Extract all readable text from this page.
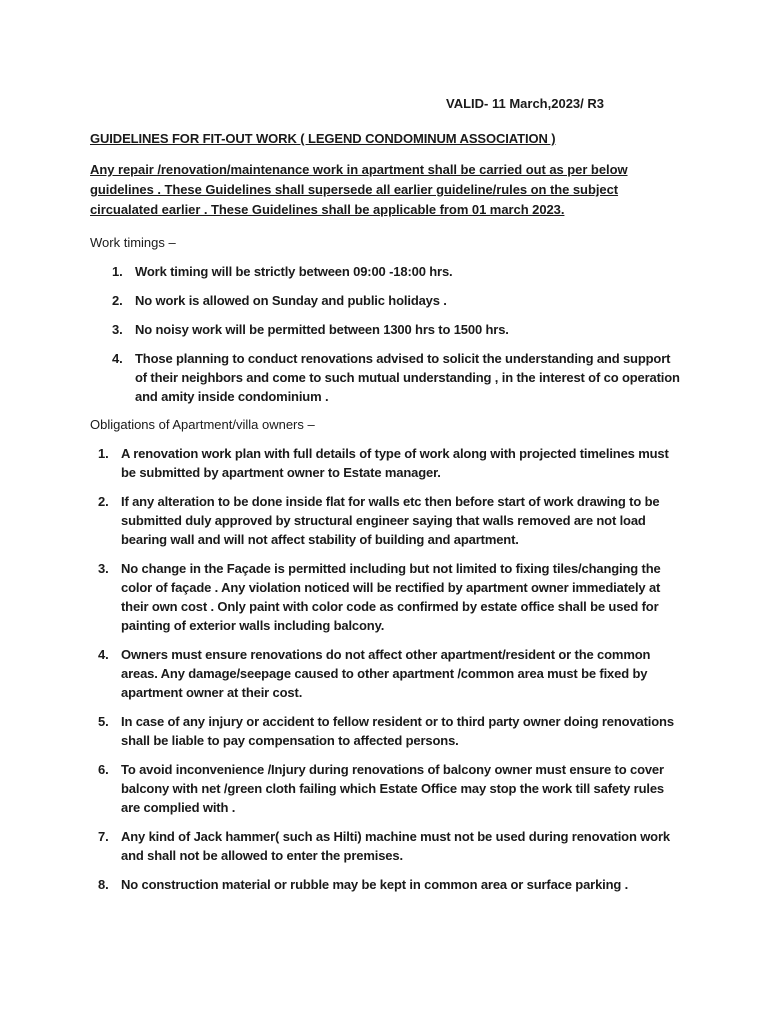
VALID- 11 March,2023/ R3

GUIDELINES FOR FIT-OUT WORK ( LEGEND CONDOMINUM ASSOCIATION )

Any repair /renovation/maintenance work in apartment shall be carried out as per below guidelines . These Guidelines shall supersede all earlier guideline/rules on the subject circualated earlier . These Guidelines shall be applicable from 01 march 2023.

Work timings –

1. Work timing will be strictly between 09:00 -18:00 hrs.
2. No work is allowed on Sunday and public holidays .
3. No noisy work will be permitted between 1300 hrs to 1500 hrs.
4. Those planning to conduct renovations advised to solicit the understanding and support of their neighbors and come to such mutual understanding , in the interest of co operation and amity inside condominium .

Obligations of Apartment/villa owners –

1. A renovation work plan with full details of type of work along with projected timelines must be submitted by apartment owner to Estate manager.
2. If any alteration to be done inside flat for walls etc then before start of work drawing to be submitted duly approved by structural engineer saying that walls removed are not load bearing wall and will not affect stability of building and apartment.
3. No change in the Façade is permitted including but not limited to fixing tiles/changing the color of façade . Any violation noticed will be rectified by apartment owner immediately at their own cost . Only paint with color code as confirmed by estate office shall be used for painting of exterior walls including balcony.
4. Owners must ensure renovations do not affect other apartment/resident or the common areas. Any damage/seepage caused to other apartment /common area must be fixed by apartment owner at their cost.
5. In case of any injury or accident to fellow resident or to third party owner doing renovations shall be liable to pay compensation to affected persons.
6. To avoid inconvenience /Injury during renovations of balcony owner must ensure to cover balcony with net /green cloth failing which Estate Office may stop the work till safety rules are complied with .
7. Any kind of Jack hammer( such as Hilti) machine must not be used during renovation work and shall not be allowed to enter the premises.
8. No construction material or rubble may be kept in common area or surface parking .
